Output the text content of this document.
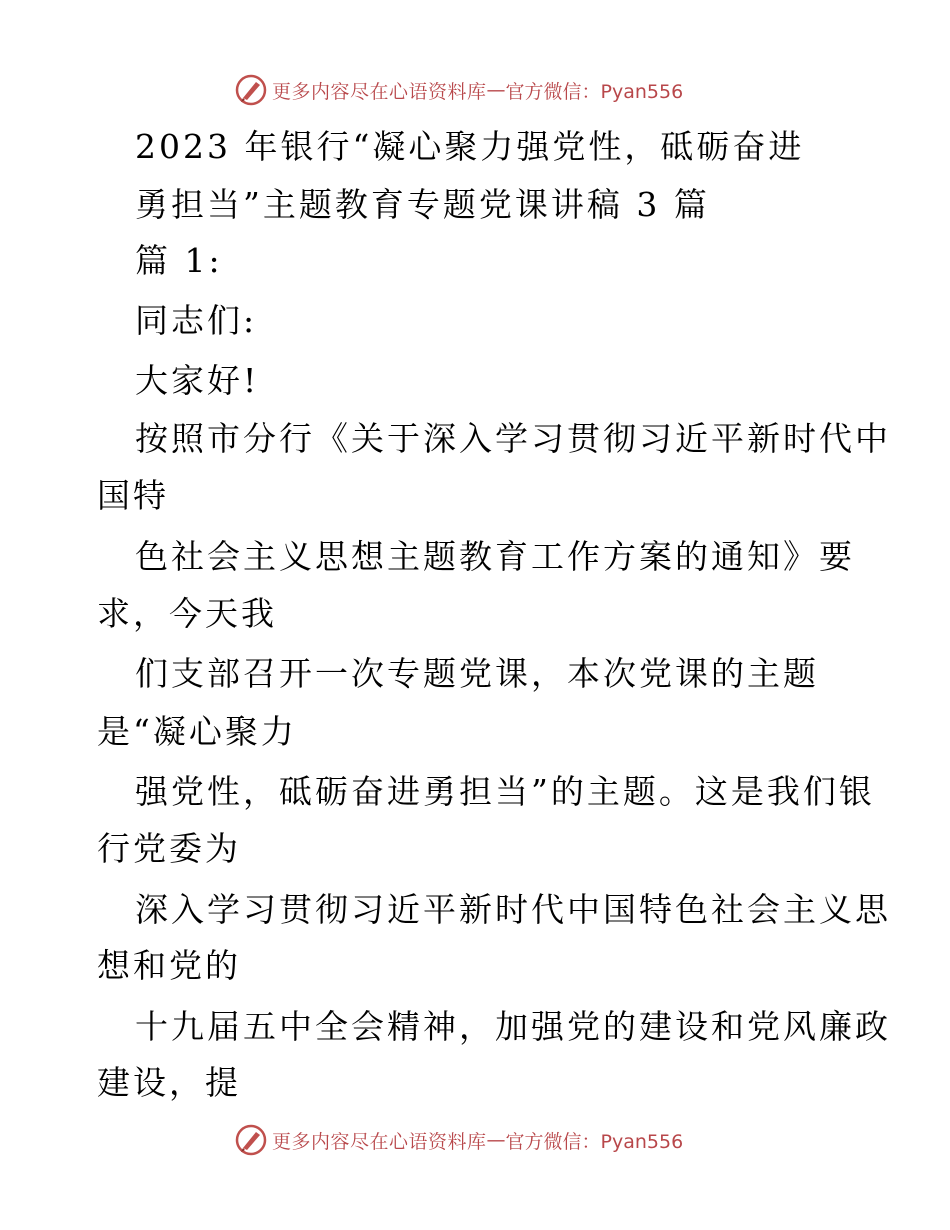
更多内容尽在心语资料库 — 官方微信：Pyan556
2023 年银行“凝心聚力强党性，砥砺奋进
勇担当”主题教育专题党课讲稿 3 篇
篇 1:
同志们:
大家好!
按照市分行《关于深入学习贯彻习近平新时代中
国特
色社会主义思想主题教育工作方案的通知》要
求，今天我
们支部召开一次专题党课，本次党课的主题
是“凝心聚力
强党性，砥砺奋进勇担当”的主题。这是我们银
行党委为
深入学习贯彻习近平新时代中国特色社会主义思
想和党的
十九届五中全会精神，加强党的建设和党风廉政
建设，提
更多内容尽在心语资料库 — 官方微信：Pyan556
